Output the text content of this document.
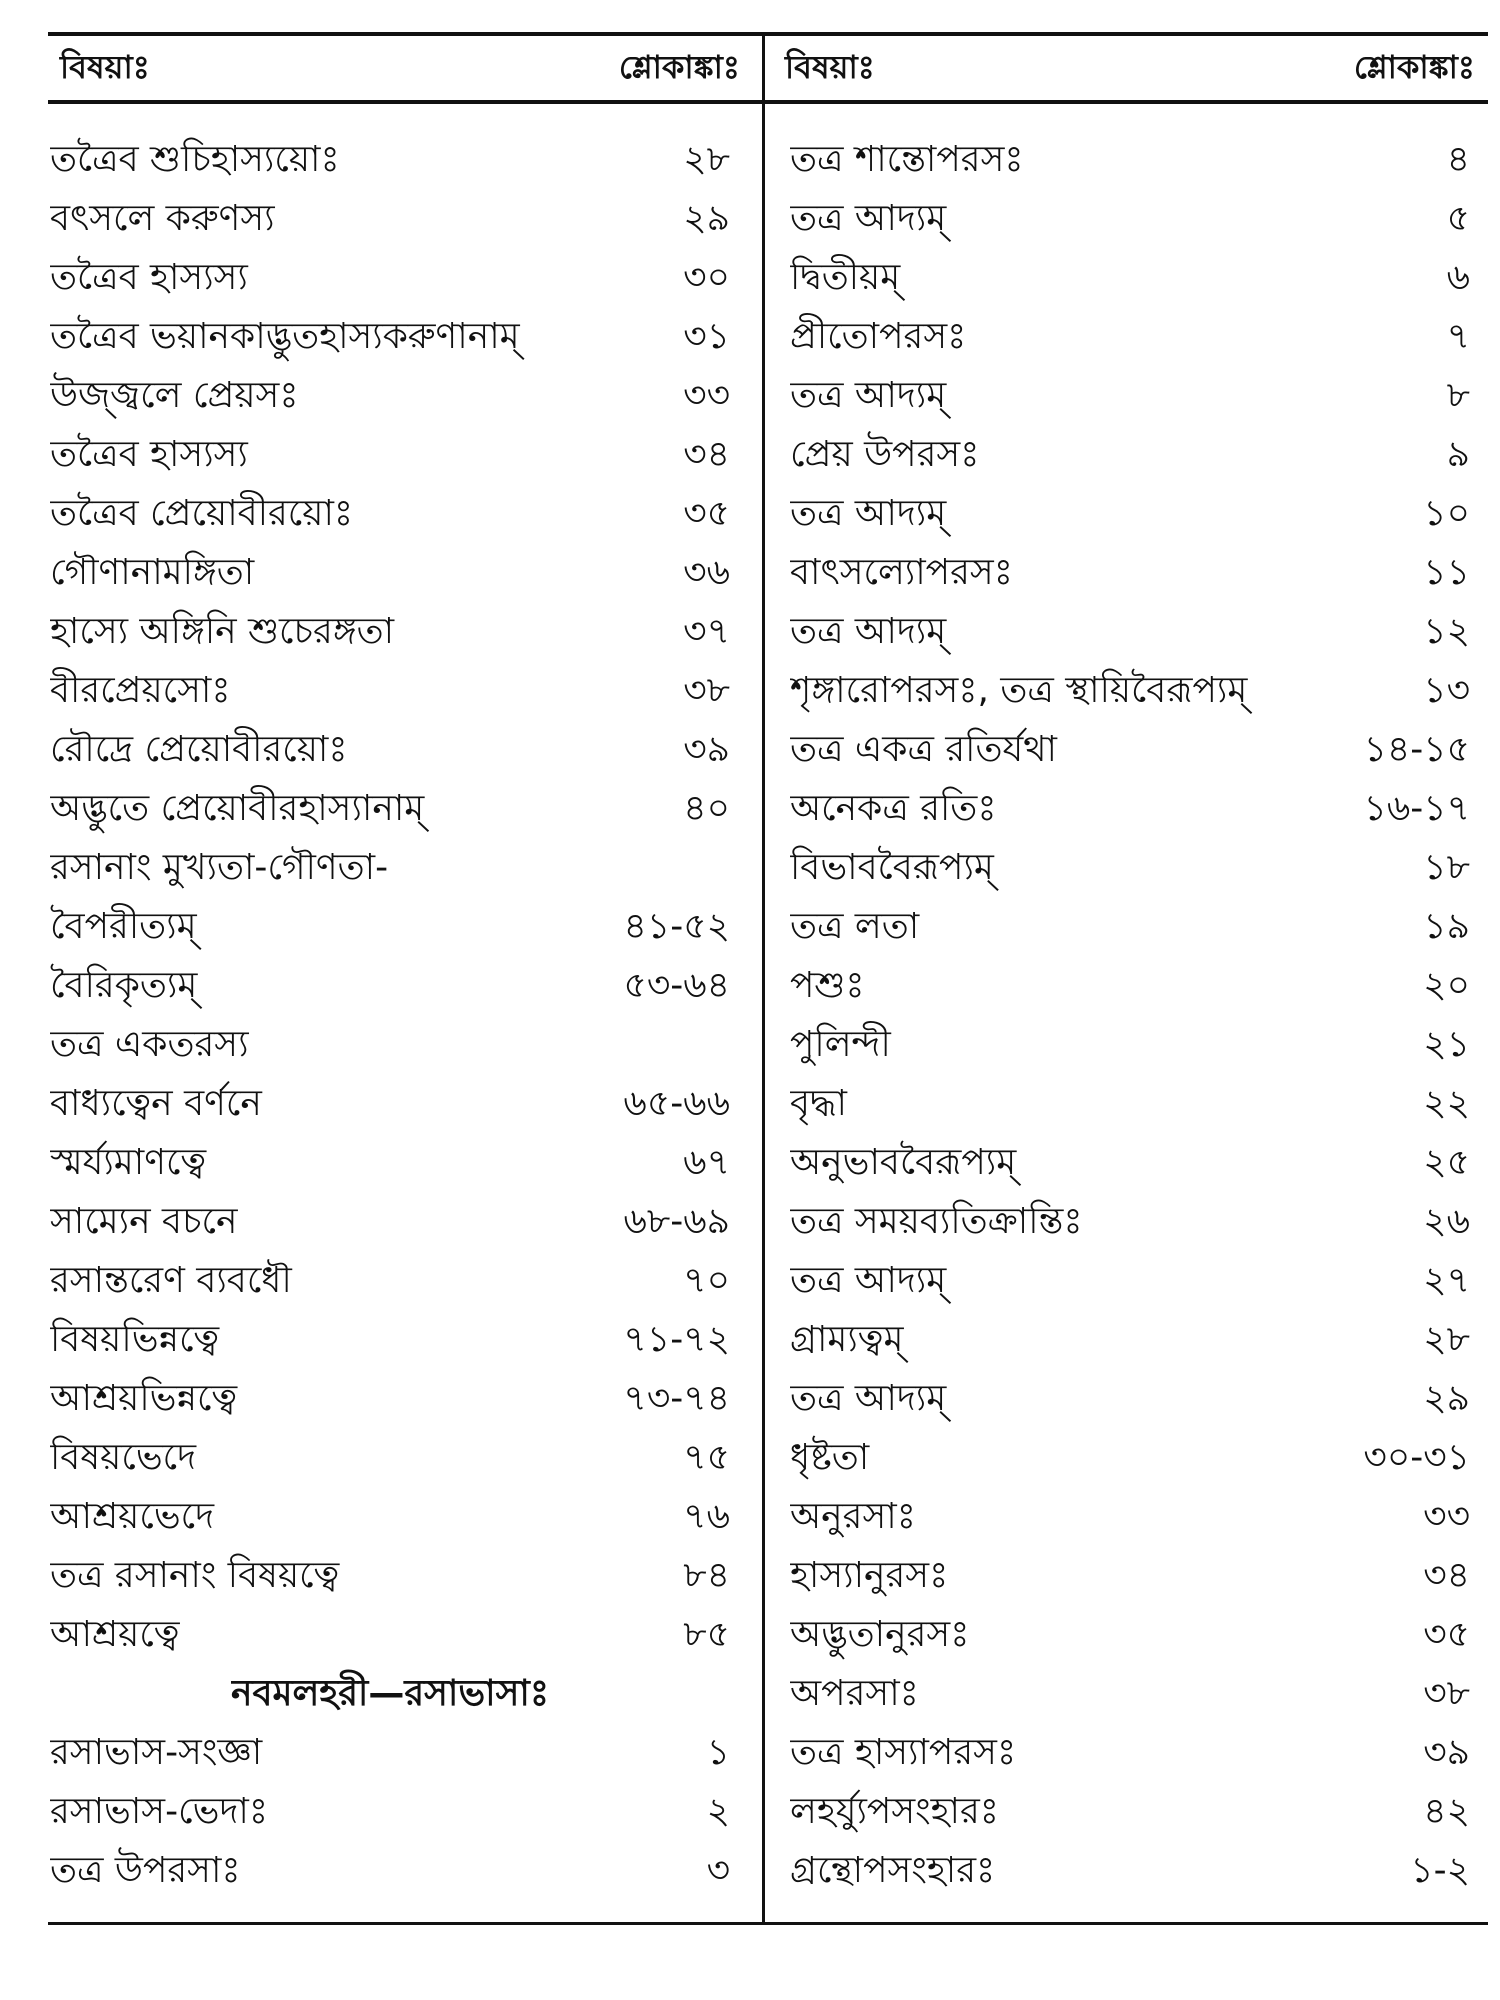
বিষয়াঃ	শ্লোকাঙ্কাঃ বিষয়াঃ	শ্লোকাঙ্কাঃ
তত্রৈব শুচিহাস্যয়োঃ	২৮
বৎসলে করুণস্য	২৯
তত্রৈব হাস্যস্য	৩০
তত্রৈব ভয়ানকাদ্ভুতহাস্যকরুণানাম্	৩১
উজ্জ্বলে প্রেয়সঃ	৩৩
তত্রৈব হাস্যস্য	৩৪
তত্রৈব প্রেয়োবীরয়োঃ	৩৫
গৌণানামঙ্গিতা	৩৬
হাস্যে অঙ্গিনি শুচেরঙ্গতা	৩৭
বীরপ্রেয়সোঃ	৩৮
রৌদ্রে প্রেয়োবীরয়োঃ	৩৯
অদ্ভুতে প্রেয়োবীরহাস্যানাম্	৪০
রসানাং মুখ্যতা-গৌণতা-
বৈপরীত্যম্	৪১-৫২
বৈরিকৃত্যম্	৫৩-৬৪
তত্র একতরস্য
বাধ্যত্বেন বর্ণনে	৬৫-৬৬
স্মর্য্যমাণত্বে	৬৭
সাম্যেন বচনে	৬৮-৬৯
রসান্তরেণ ব্যবধৌ	৭০
বিষয়ভিন্নত্বে	৭১-৭২
আশ্রয়ভিন্নত্বে	৭৩-৭৪
বিষয়ভেদে	৭৫
আশ্রয়ভেদে	৭৬
তত্র রসানাং বিষয়ত্বে	৮৪
আশ্রয়ত্বে	৮৫
নবমলহরী—রসাভাসাঃ
রসাভাস-সংজ্ঞা	১
রসাভাস-ভেদাঃ	২
তত্র উপরসাঃ	৩
তত্র শান্তোপরসঃ	৪
তত্র আদ্যম্	৫
দ্বিতীয়ম্	৬
প্রীতোপরসঃ	৭
তত্র আদ্যম্	৮
প্রেয় উপরসঃ	৯
তত্র আদ্যম্	১০
বাৎসল্যোপরসঃ	১১
তত্র আদ্যম্	১২
শৃঙ্গারোপরসঃ, তত্র স্থায়িবৈরূপ্যম্	১৩
তত্র একত্র রতির্যথা	১৪-১৫
অনেকত্র রতিঃ	১৬-১৭
বিভাববৈরূপ্যম্	১৮
তত্র লতা	১৯
পশুঃ	২০
পুলিন্দী	২১
বৃদ্ধা	২২
অনুভাববৈরূপ্যম্	২৫
তত্র সময়ব্যতিক্রান্তিঃ	২৬
তত্র আদ্যম্	২৭
গ্রাম্যত্বম্	২৮
তত্র আদ্যম্	২৯
ধৃষ্টতা	৩০-৩১
অনুরসাঃ	৩৩
হাস্যানুরসঃ	৩৪
অদ্ভুতানুরসঃ	৩৫
অপরসাঃ	৩৮
তত্র হাস্যাপরসঃ	৩৯
লহর্য্যুপসংহারঃ	৪২
গ্রন্থোপসংহারঃ	১-২
